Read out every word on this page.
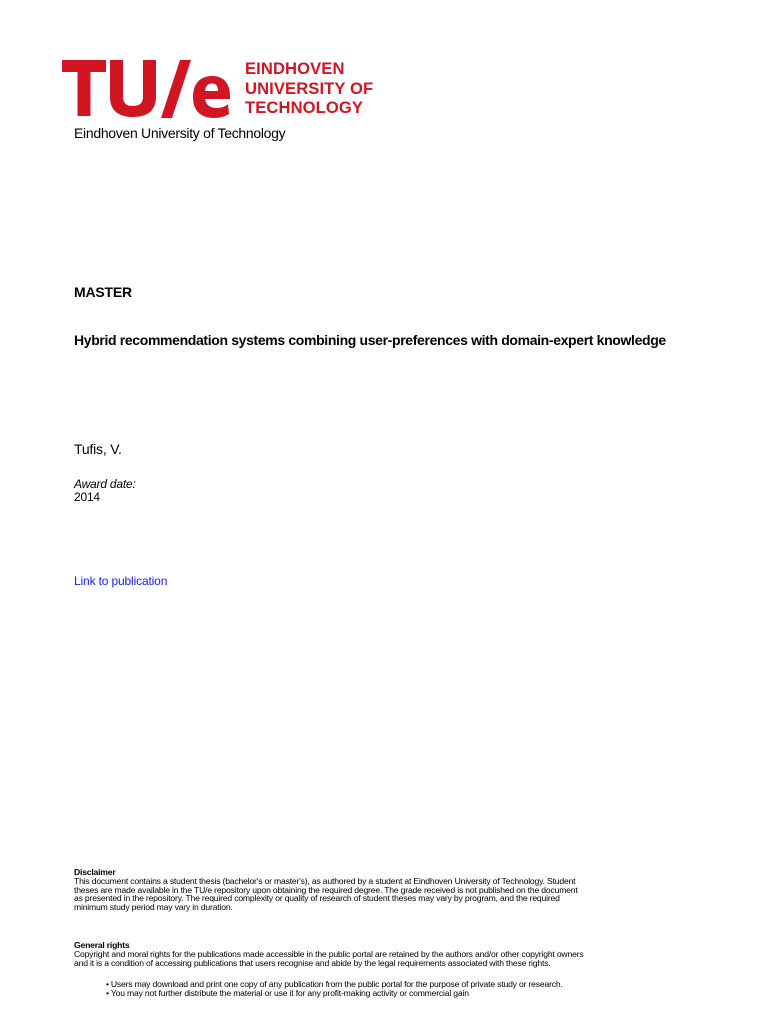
EINDHOVEN
UNIVERSITY OF
TECHNOLOGY
Eindhoven University of Technology
MASTER
Hybrid recommendation systems combining user-preferences with domain-expert knowledge
Tufis, V.
Award date:
2014
Link to publication
Disclaimer
This document contains a student thesis (bachelor's or master's), as authored by a student at Eindhoven University of Technology. Student
theses are made available in the TU/e repository upon obtaining the required degree. The grade received is not published on the document
as presented in the repository. The required complexity or quality of research of student theses may vary by program, and the required
minimum study period may vary in duration.
General rights
Copyright and moral rights for the publications made accessible in the public portal are retained by the authors and/or other copyright owners
and it is a condition of accessing publications that users recognise and abide by the legal requirements associated with these rights.
• Users may download and print one copy of any publication from the public portal for the purpose of private study or research.
• You may not further distribute the material or use it for any profit-making activity or commercial gain
